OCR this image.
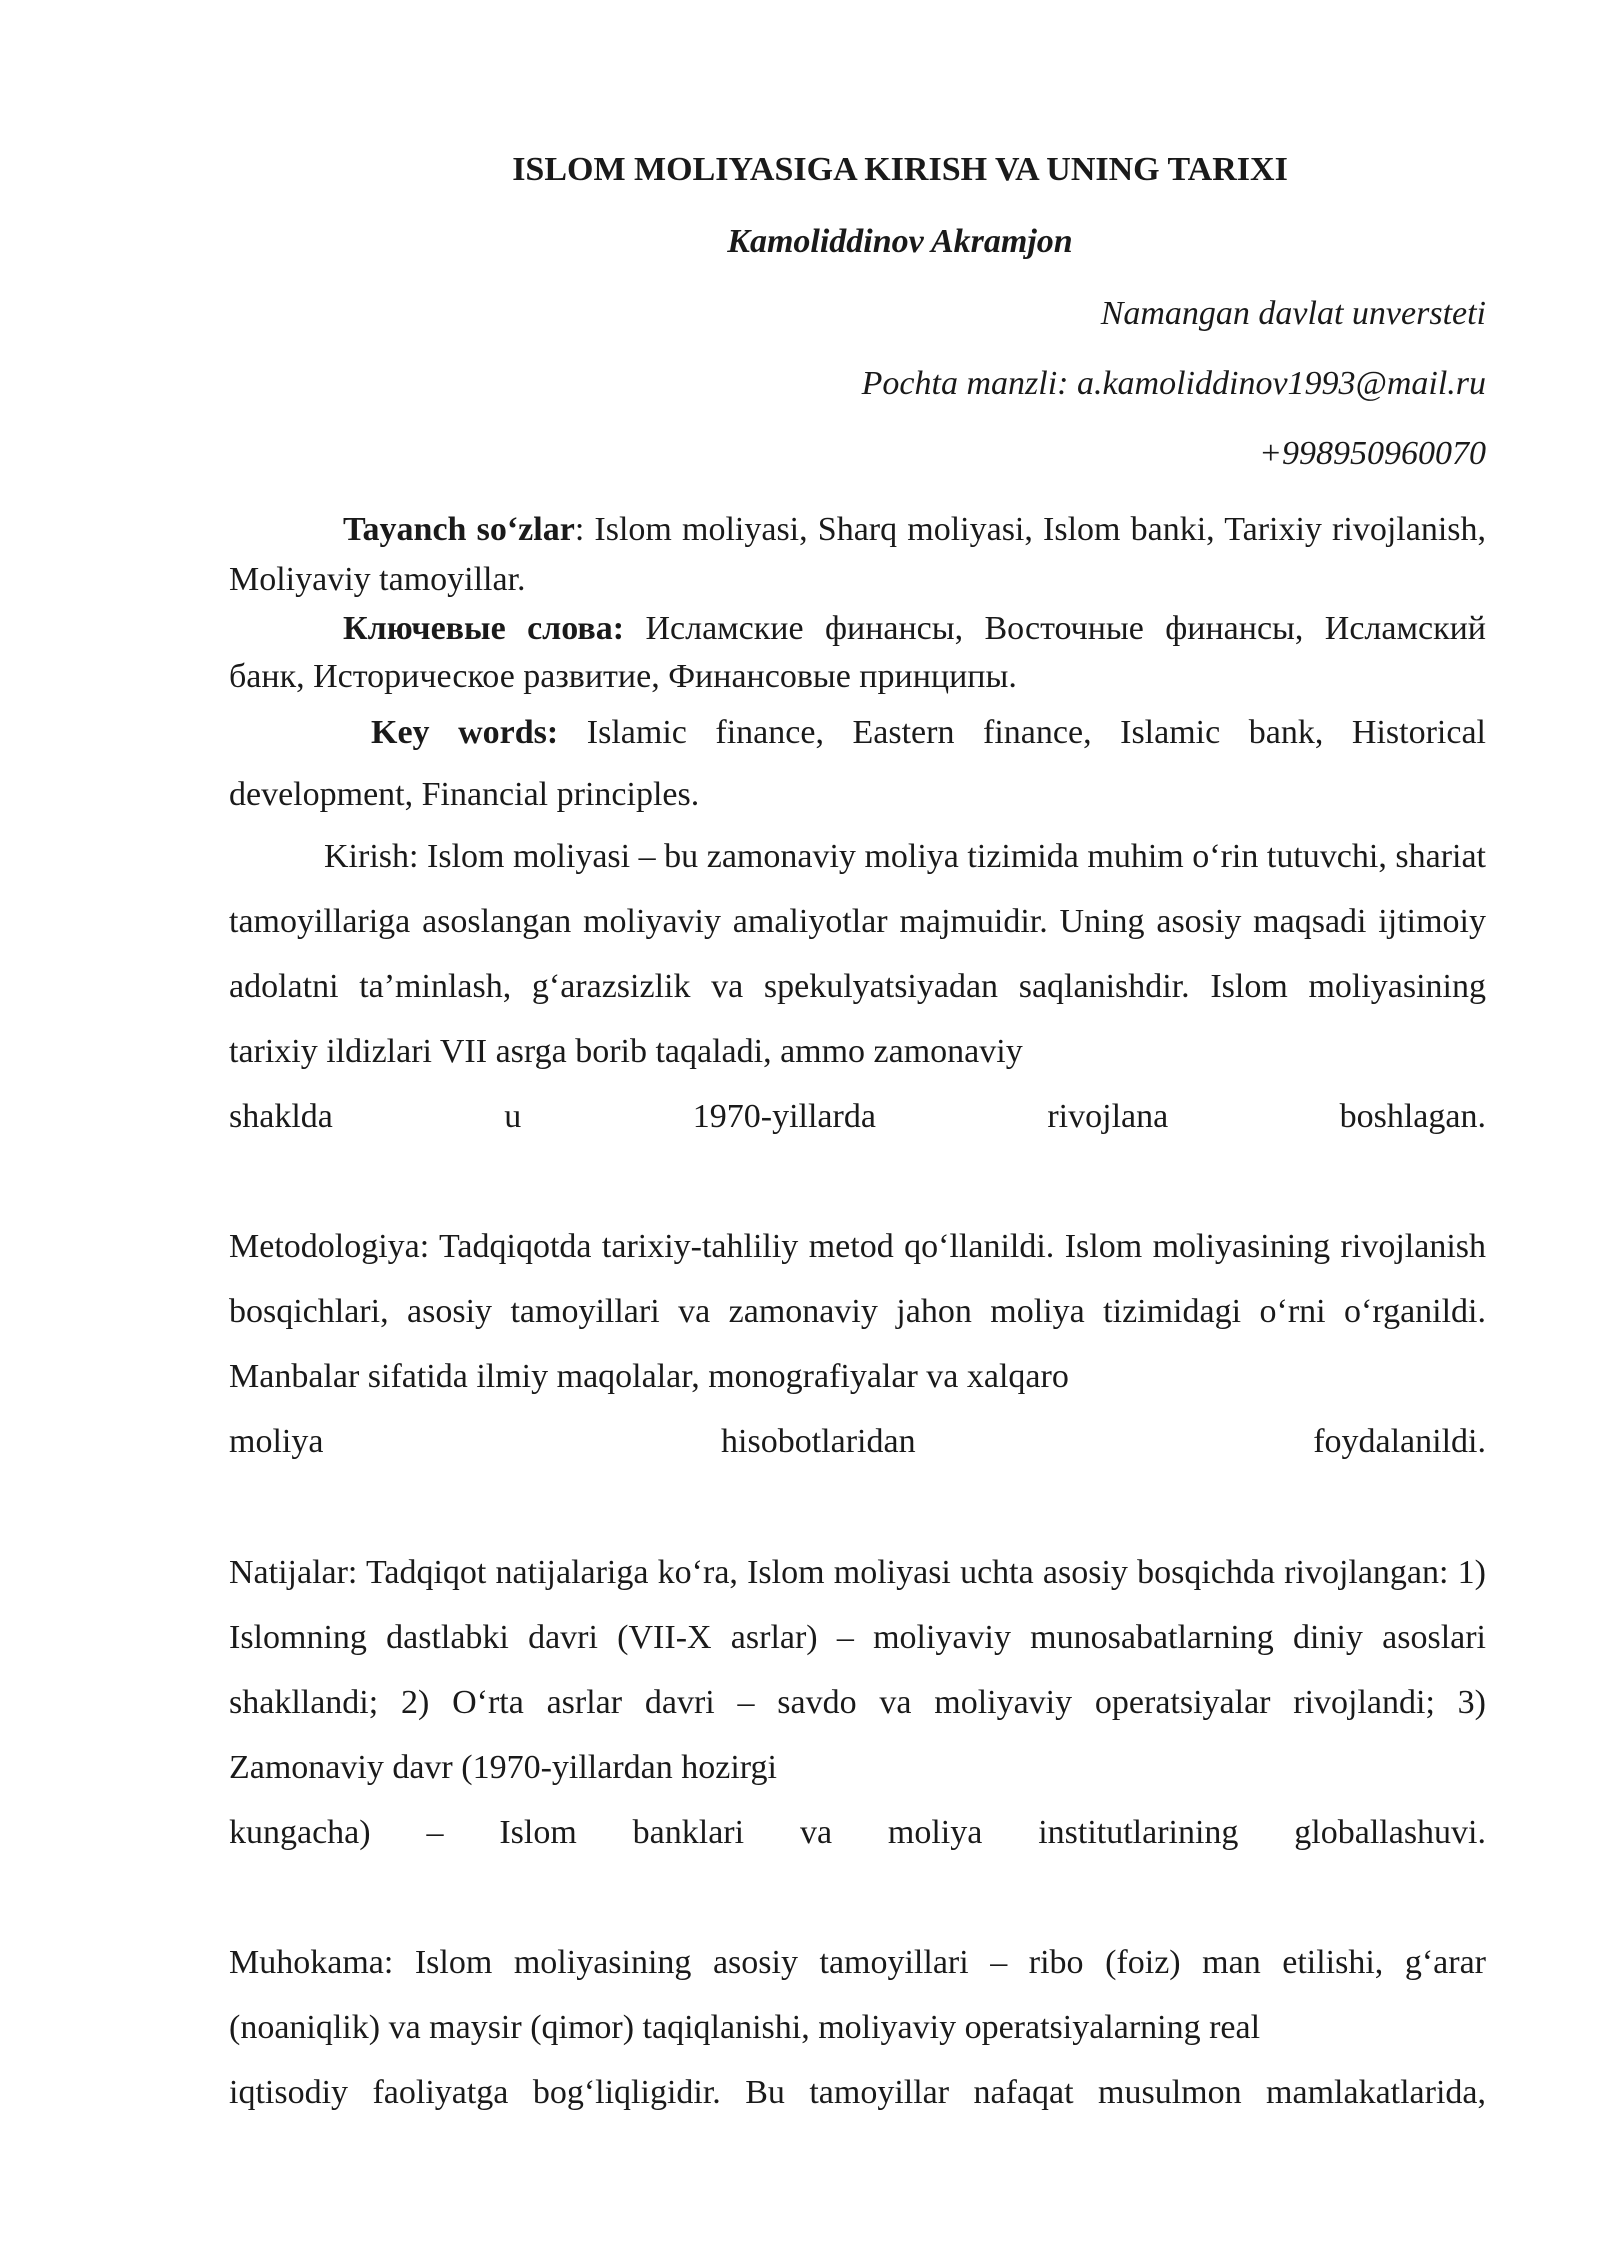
ISLOM MOLIYASIGA KIRISH VA UNING TARIXI

Kamoliddinov Akramjon

Namangan davlat unversteti

Pochta manzli: a.kamoliddinov1993@mail.ru

+998950960070

Tayanch so‘zlar: Islom moliyasi, Sharq moliyasi, Islom banki, Tarixiy rivojlanish, Moliyaviy tamoyillar.

Ключевые слова: Исламские финансы, Восточные финансы, Исламский банк, Историческое развитие, Финансовые принципы.

Key words: Islamic finance, Eastern finance, Islamic bank, Historical development, Financial principles.

Kirish: Islom moliyasi – bu zamonaviy moliya tizimida muhim o‘rin tutuvchi, shariat tamoyillariga asoslangan moliyaviy amaliyotlar majmuidir. Uning asosiy maqsadi ijtimoiy adolatni ta’minlash, g‘arazsizlik va spekulyatsiyadan saqlanishdir. Islom moliyasining tarixiy ildizlari VII asrga borib taqaladi, ammo zamonaviy
shaklda u 1970-yillarda rivojlana boshlagan.
Metodologiya: Tadqiqotda tarixiy-tahliliy metod qo‘llanildi. Islom moliyasining rivojlanish bosqichlari, asosiy tamoyillari va zamonaviy jahon moliya tizimidagi o‘rni o‘rganildi. Manbalar sifatida ilmiy maqolalar, monografiyalar va xalqaro
moliya hisobotlaridan foydalanildi.
Natijalar: Tadqiqot natijalariga ko‘ra, Islom moliyasi uchta asosiy bosqichda rivojlangan: 1) Islomning dastlabki davri (VII-X asrlar) – moliyaviy munosabatlarning diniy asoslari shakllandi; 2) O‘rta asrlar davri – savdo va moliyaviy operatsiyalar rivojlandi; 3) Zamonaviy davr (1970-yillardan hozirgi
kungacha) – Islom banklari va moliya institutlarining globallashuvi.
Muhokama: Islom moliyasining asosiy tamoyillari – ribo (foiz) man etilishi, g‘arar (noaniqlik) va maysir (qimor) taqiqlanishi, moliyaviy operatsiyalarning real
iqtisodiy faoliyatga bog‘liqligidir. Bu tamoyillar nafaqat musulmon mamlakatlarida,
